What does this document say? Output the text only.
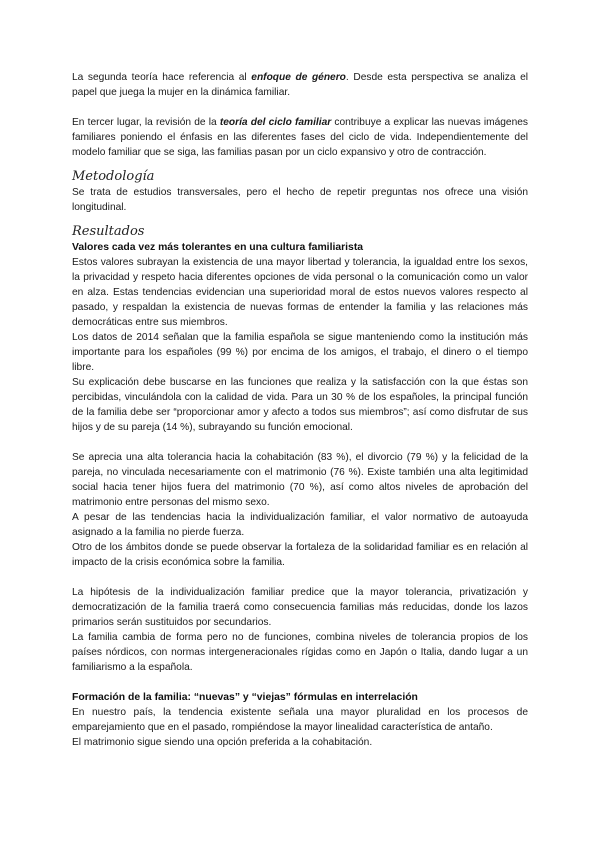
La segunda teoría hace referencia al enfoque de género. Desde esta perspectiva se analiza el papel que juega la mujer en la dinámica familiar.

En tercer lugar, la revisión de la teoría del ciclo familiar contribuye a explicar las nuevas imágenes familiares poniendo el énfasis en las diferentes fases del ciclo de vida. Independientemente del modelo familiar que se siga, las familias pasan por un ciclo expansivo y otro de contracción.

Metodología

Se trata de estudios transversales, pero el hecho de repetir preguntas nos ofrece una visión longitudinal.

Resultados
Valores cada vez más tolerantes en una cultura familiarista

Estos valores subrayan la existencia de una mayor libertad y tolerancia, la igualdad entre los sexos, la privacidad y respeto hacia diferentes opciones de vida personal o la comunicación como un valor en alza. Estas tendencias evidencian una superioridad moral de estos nuevos valores respecto al pasado, y respaldan la existencia de nuevas formas de entender la familia y las relaciones más democráticas entre sus miembros.

Los datos de 2014 señalan que la familia española se sigue manteniendo como la institución más importante para los españoles (99 %) por encima de los amigos, el trabajo, el dinero o el tiempo libre.

Su explicación debe buscarse en las funciones que realiza y la satisfacción con la que éstas son percibidas, vinculándola con la calidad de vida. Para un 30 % de los españoles, la principal función de la familia debe ser “proporcionar amor y afecto a todos sus miembros”; así como disfrutar de sus hijos y de su pareja (14 %), subrayando su función emocional.

Se aprecia una alta tolerancia hacia la cohabitación (83 %), el divorcio (79 %) y la felicidad de la pareja, no vinculada necesariamente con el matrimonio (76 %). Existe también una alta legitimidad social hacia tener hijos fuera del matrimonio (70 %), así como altos niveles de aprobación del matrimonio entre personas del mismo sexo.

A pesar de las tendencias hacia la individualización familiar, el valor normativo de autoayuda asignado a la familia no pierde fuerza.

Otro de los ámbitos donde se puede observar la fortaleza de la solidaridad familiar es en relación al impacto de la crisis económica sobre la familia.

La hipótesis de la individualización familiar predice que la mayor tolerancia, privatización y democratización de la familia traerá como consecuencia familias más reducidas, donde los lazos primarios serán sustituidos por secundarios.

La familia cambia de forma pero no de funciones, combina niveles de tolerancia propios de los países nórdicos, con normas intergeneracionales rígidas como en Japón o Italia, dando lugar a un familiarismo a la española.

Formación de la familia: “nuevas” y “viejas” fórmulas en interrelación

En nuestro país, la tendencia existente señala una mayor pluralidad en los procesos de emparejamiento que en el pasado, rompiéndose la mayor linealidad característica de antaño.

El matrimonio sigue siendo una opción preferida a la cohabitación.
